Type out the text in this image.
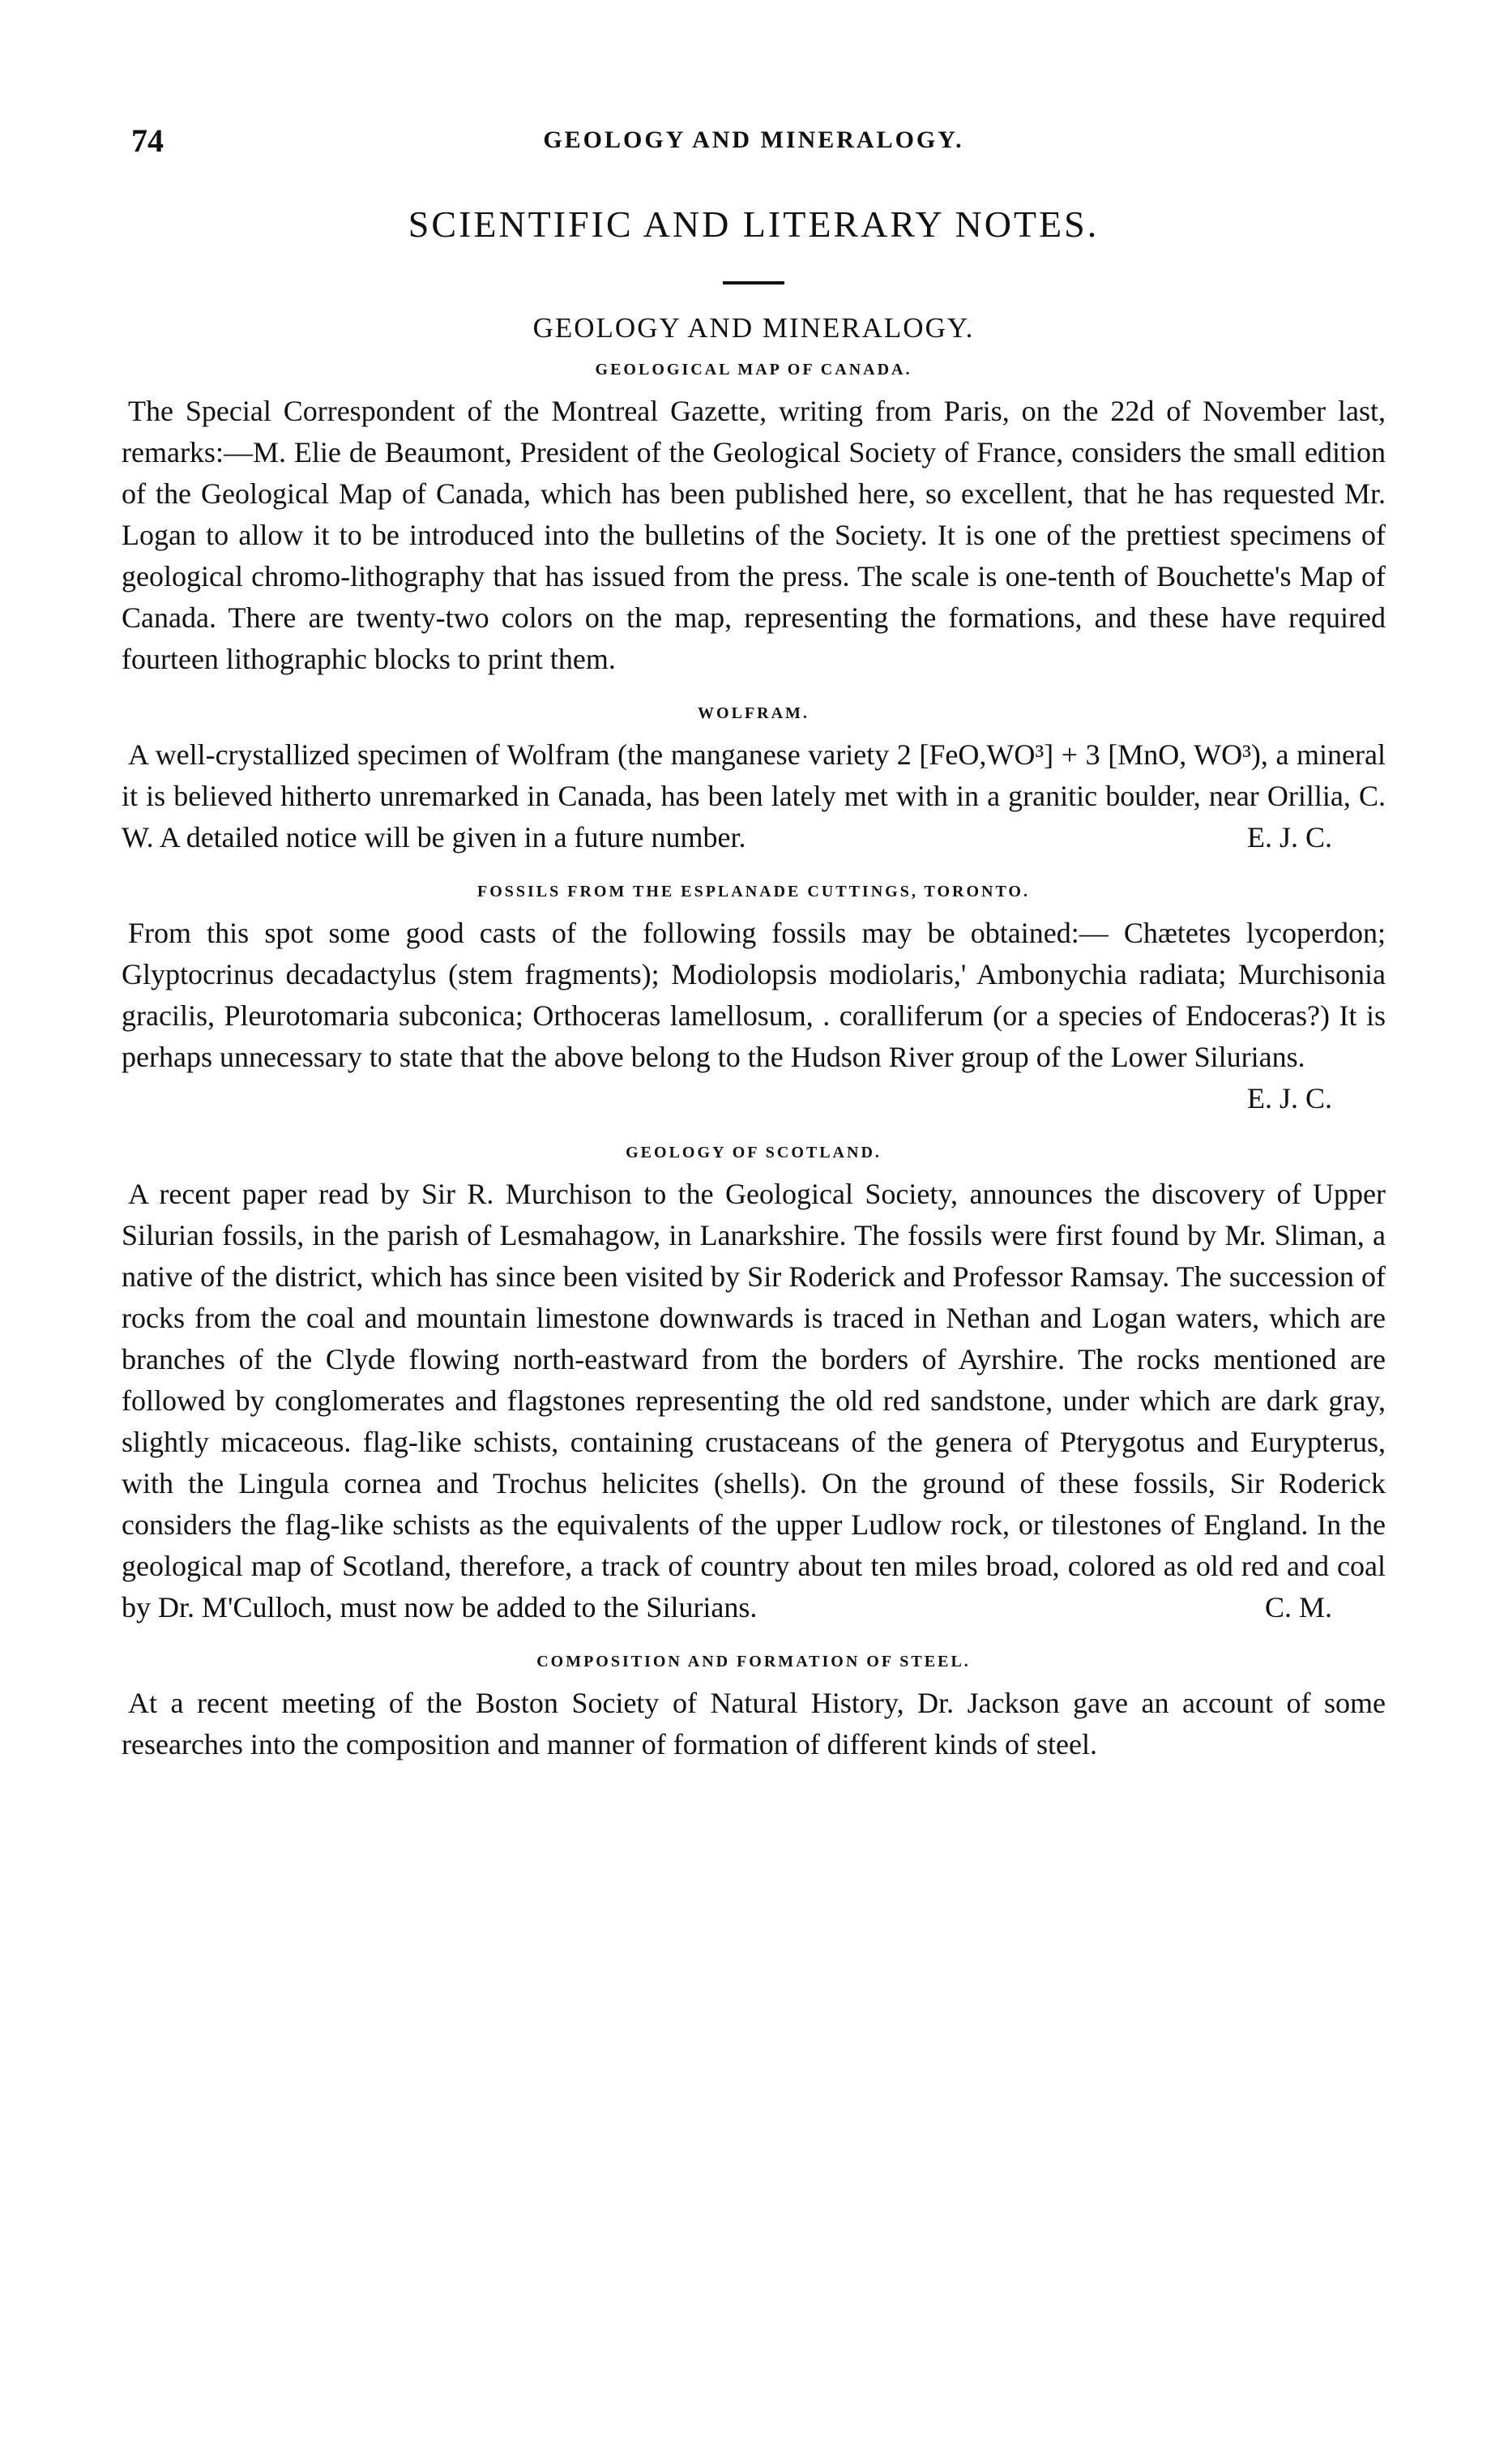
74	GEOLOGY AND MINERALOGY.
SCIENTIFIC AND LITERARY NOTES.
GEOLOGY AND MINERALOGY.
GEOLOGICAL MAP OF CANADA.

The Special Correspondent of the Montreal Gazette, writing from Paris, on the 22d of November last, remarks:—M. Elie de Beaumont, President of the Geological Society of France, considers the small edition of the Geological Map of Canada, which has been published here, so excellent, that he has requested Mr. Logan to allow it to be introduced into the bulletins of the Society. It is one of the prettiest specimens of geological chromo-lithography that has issued from the press. The scale is one-tenth of Bouchette's Map of Canada. There are twenty-two colors on the map, representing the formations, and these have required fourteen lithographic blocks to print them.

WOLFRAM.

A well-crystallized specimen of Wolfram (the manganese variety 2 [FeO,WO³] + 3 [MnO, WO³), a mineral it is believed hitherto unremarked in Canada, has been lately met with in a granitic boulder, near Orillia, C. W. A detailed notice will be given in a future number.	E. J. C.

FOSSILS FROM THE ESPLANADE CUTTINGS, TORONTO.

From this spot some good casts of the following fossils may be obtained:— Chætetes lycoperdon; Glyptocrinus decadactylus (stem fragments); Modiolopsis modiolaris,' Ambonychia radiata; Murchisonia gracilis, Pleurotomaria subconica; Orthoceras lamellosum, . coralliferum (or a species of Endoceras?) It is perhaps unnecessary to state that the above belong to the Hudson River group of the Lower Silurians.
E. J. C.

GEOLOGY OF SCOTLAND.

A recent paper read by Sir R. Murchison to the Geological Society, announces the discovery of Upper Silurian fossils, in the parish of Lesmahagow, in Lanarkshire. The fossils were first found by Mr. Sliman, a native of the district, which has since been visited by Sir Roderick and Professor Ramsay. The succession of rocks from the coal and mountain limestone downwards is traced in Nethan and Logan waters, which are branches of the Clyde flowing north-eastward from the borders of Ayrshire. The rocks mentioned are followed by conglomerates and flagstones representing the old red sandstone, under which are dark gray, slightly micaceous. flag-like schists, containing crustaceans of the genera of Pterygotus and Eurypterus, with the Lingula cornea and Trochus helicites (shells). On the ground of these fossils, Sir Roderick considers the flag-like schists as the equivalents of the upper Ludlow rock, or tilestones of England. In the geological map of Scotland, therefore, a track of country about ten miles broad, colored as old red and coal by Dr. M'Culloch, must now be added to the Silurians.	C. M.

COMPOSITION AND FORMATION OF STEEL.

At a recent meeting of the Boston Society of Natural History, Dr. Jackson gave an account of some researches into the composition and manner of formation of different kinds of steel.
